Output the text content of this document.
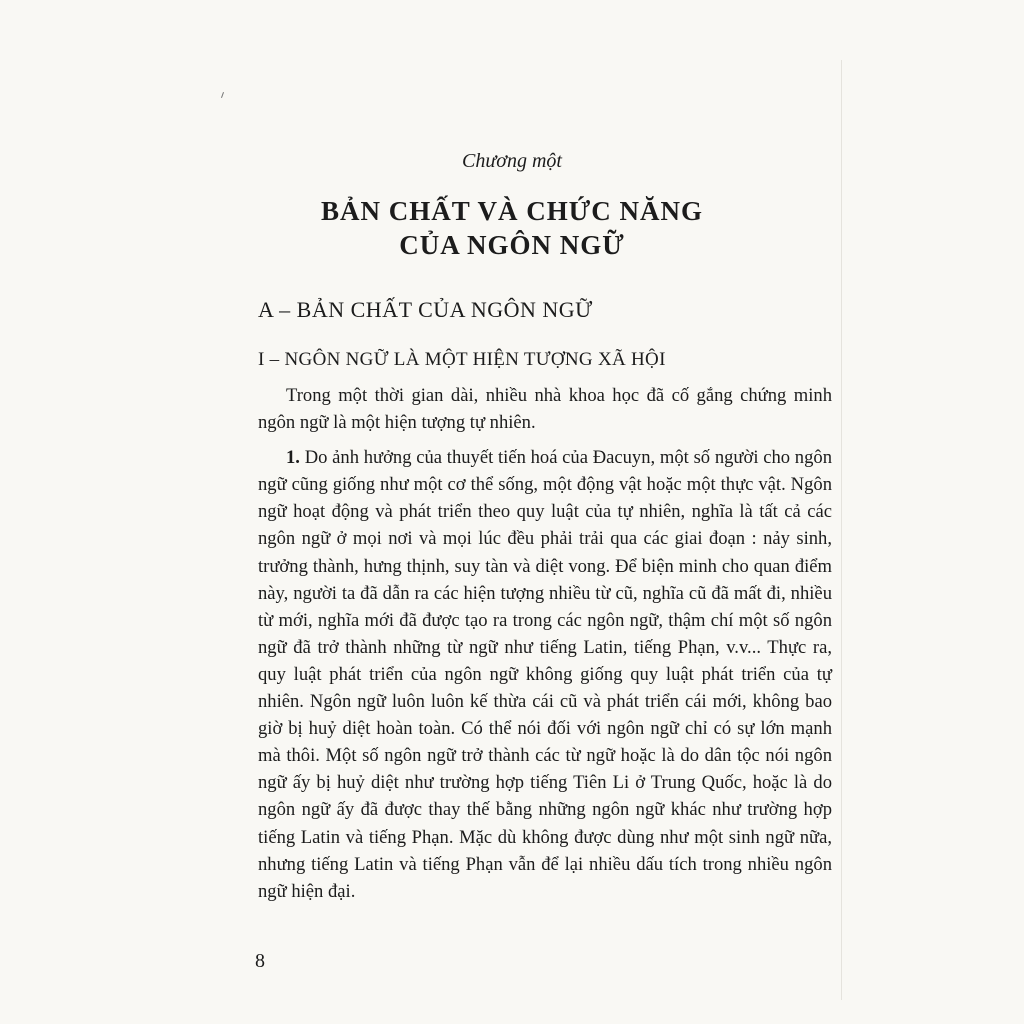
Chương một
BẢN CHẤT VÀ CHỨC NĂNG
CỦA NGÔN NGỮ
A – BẢN CHẤT CỦA NGÔN NGỮ
I – NGÔN NGỮ LÀ MỘT HIỆN TƯỢNG XÃ HỘI

Trong một thời gian dài, nhiều nhà khoa học đã cố gắng chứng minh ngôn ngữ là một hiện tượng tự nhiên.

1. Do ảnh hưởng của thuyết tiến hoá của Đacuyn, một số người cho ngôn ngữ cũng giống như một cơ thể sống, một động vật hoặc một thực vật. Ngôn ngữ hoạt động và phát triển theo quy luật của tự nhiên, nghĩa là tất cả các ngôn ngữ ở mọi nơi và mọi lúc đều phải trải qua các giai đoạn : nảy sinh, trưởng thành, hưng thịnh, suy tàn và diệt vong. Để biện minh cho quan điểm này, người ta đã dẫn ra các hiện tượng nhiều từ cũ, nghĩa cũ đã mất đi, nhiều từ mới, nghĩa mới đã được tạo ra trong các ngôn ngữ, thậm chí một số ngôn ngữ đã trở thành những từ ngữ như tiếng Latin, tiếng Phạn, v.v... Thực ra, quy luật phát triển của ngôn ngữ không giống quy luật phát triển của tự nhiên. Ngôn ngữ luôn luôn kế thừa cái cũ và phát triển cái mới, không bao giờ bị huỷ diệt hoàn toàn. Có thể nói đối với ngôn ngữ chỉ có sự lớn mạnh mà thôi. Một số ngôn ngữ trở thành các từ ngữ hoặc là do dân tộc nói ngôn ngữ ấy bị huỷ diệt như trường hợp tiếng Tiên Li ở Trung Quốc, hoặc là do ngôn ngữ ấy đã được thay thế bằng những ngôn ngữ khác như trường hợp tiếng Latin và tiếng Phạn. Mặc dù không được dùng như một sinh ngữ nữa, nhưng tiếng Latin và tiếng Phạn vẫn để lại nhiều dấu tích trong nhiều ngôn ngữ hiện đại.

8
